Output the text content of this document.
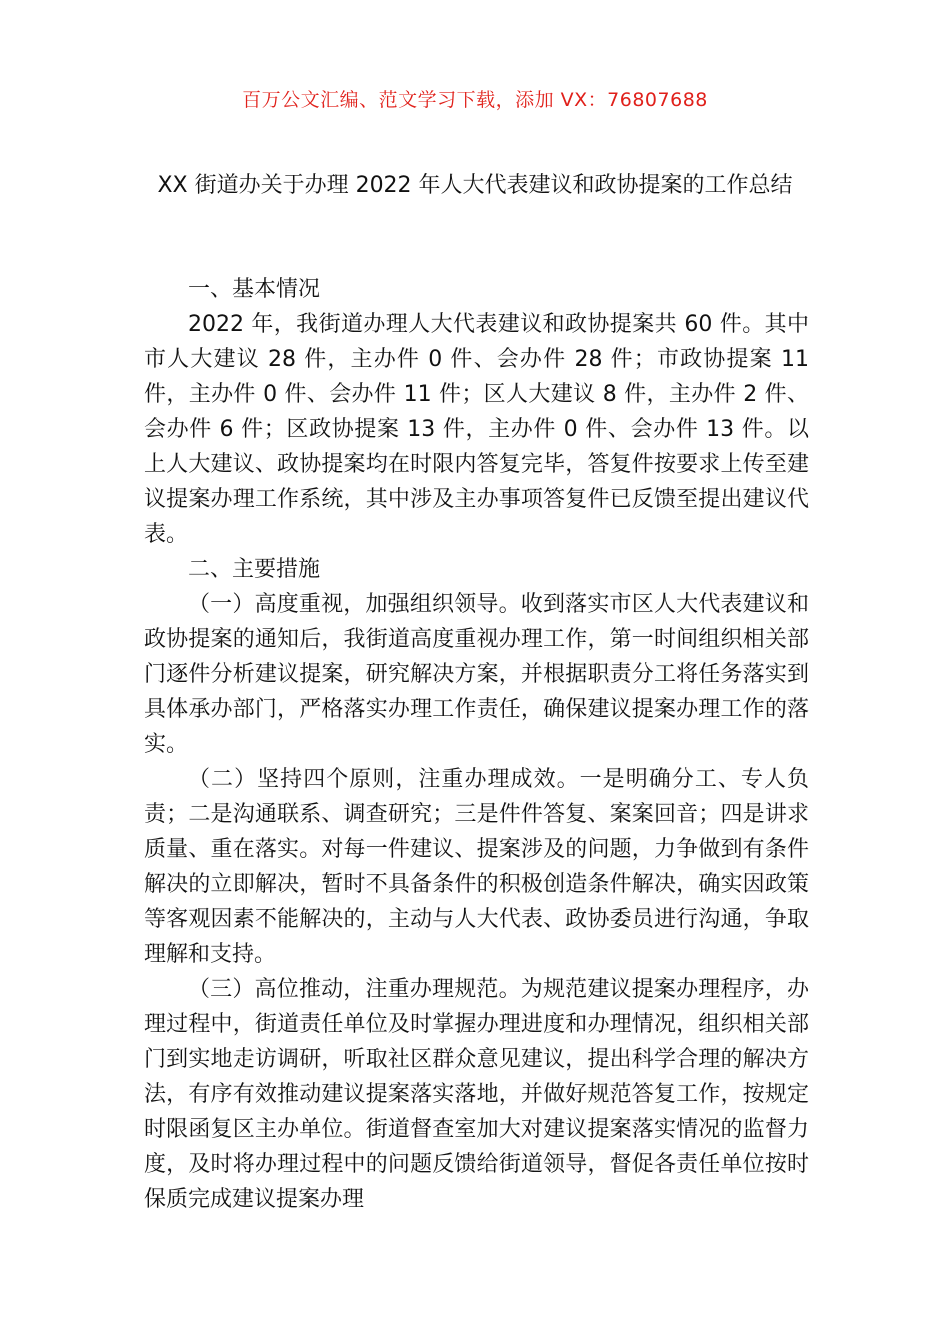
百万公文汇编、范文学习下载，添加 VX：76807688
XX 街道办关于办理 2022 年人大代表建议和政协提案的工作总结

一、基本情况

2022 年，我街道办理人大代表建议和政协提案共 60 件。其中市人大建议 28 件，主办件 0 件、会办件 28 件；市政协提案 11 件，主办件 0 件、会办件 11 件；区人大建议 8 件，主办件 2 件、会办件 6 件；区政协提案 13 件，主办件 0 件、会办件 13 件。以上人大建议、政协提案均在时限内答复完毕，答复件按要求上传至建议提案办理工作系统，其中涉及主办事项答复件已反馈至提出建议代表。

二、主要措施

（一）高度重视，加强组织领导。收到落实市区人大代表建议和政协提案的通知后，我街道高度重视办理工作，第一时间组织相关部门逐件分析建议提案，研究解决方案，并根据职责分工将任务落实到具体承办部门，严格落实办理工作责任，确保建议提案办理工作的落实。

（二）坚持四个原则，注重办理成效。一是明确分工、专人负责；二是沟通联系、调查研究；三是件件答复、案案回音；四是讲求质量、重在落实。对每一件建议、提案涉及的问题，力争做到有条件解决的立即解决，暂时不具备条件的积极创造条件解决，确实因政策等客观因素不能解决的，主动与人大代表、政协委员进行沟通，争取理解和支持。

（三）高位推动，注重办理规范。为规范建议提案办理程序，办理过程中，街道责任单位及时掌握办理进度和办理情况，组织相关部门到实地走访调研，听取社区群众意见建议，提出科学合理的解决方法，有序有效推动建议提案落实落地，并做好规范答复工作，按规定时限函复区主办单位。街道督查室加大对建议提案落实情况的监督力度，及时将办理过程中的问题反馈给街道领导，督促各责任单位按时保质完成建议提案办理
